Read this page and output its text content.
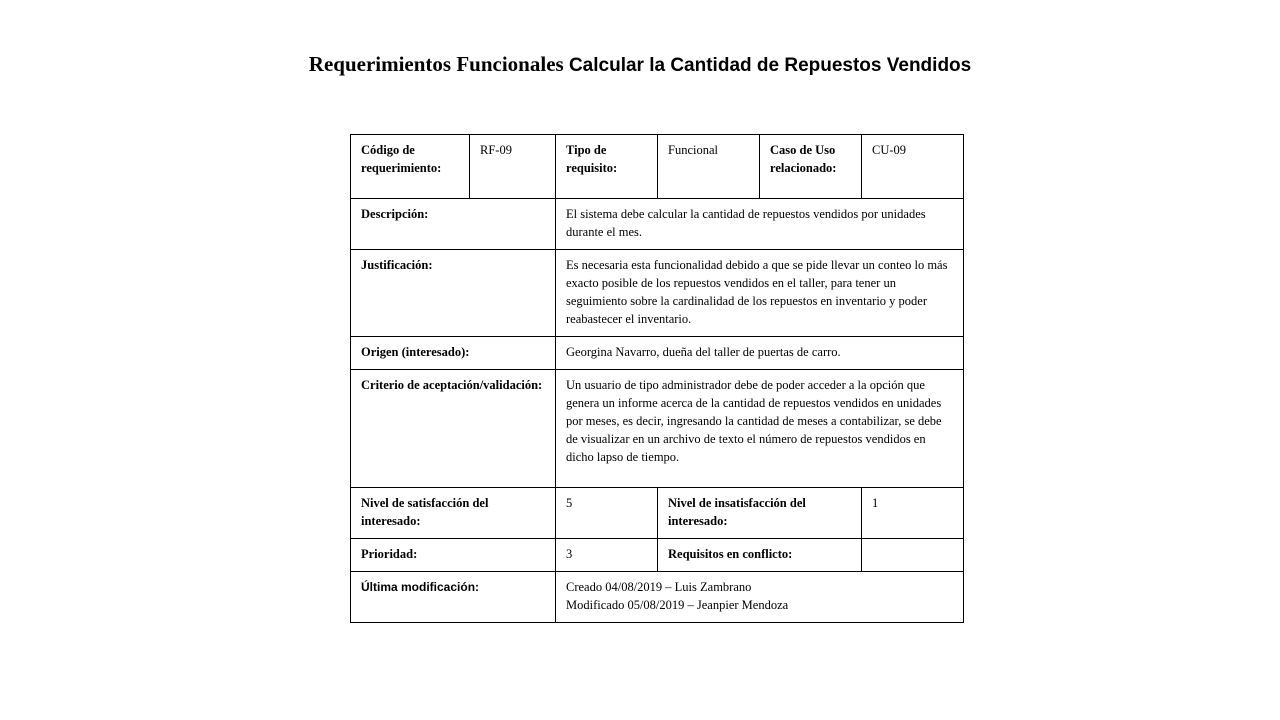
Requerimientos Funcionales Calcular la Cantidad de Repuestos Vendidos
Código de requerimiento:	RF-09	Tipo de requisito:	Funcional	Caso de Uso relacionado:	CU-09
Descripción:		El sistema debe calcular la cantidad de repuestos vendidos por unidades durante el mes.			
Justificación:		Es necesaria esta funcionalidad debido a que se pide llevar un conteo lo más exacto posible de los repuestos vendidos en el taller, para tener un seguimiento sobre la cardinalidad de los repuestos en inventario y poder reabastecer el inventario.			
Origen (interesado):		Georgina Navarro, dueña del taller de puertas de carro.			
Criterio de aceptación/validación:		Un usuario de tipo administrador debe de poder acceder a la opción que genera un informe acerca de la cantidad de repuestos vendidos en unidades por meses, es decir, ingresando la cantidad de meses a contabilizar, se debe de visualizar en un archivo de texto el número de repuestos vendidos en dicho lapso de tiempo.			
Nivel de satisfacción del interesado:		5	Nivel de insatisfacción del interesado:		1
Prioridad:		3	Requisitos en conflicto:		
Última modificación:		Creado 04/08/2019 – Luis Zambrano
Modificado 05/08/2019 – Jeanpier Mendoza			
